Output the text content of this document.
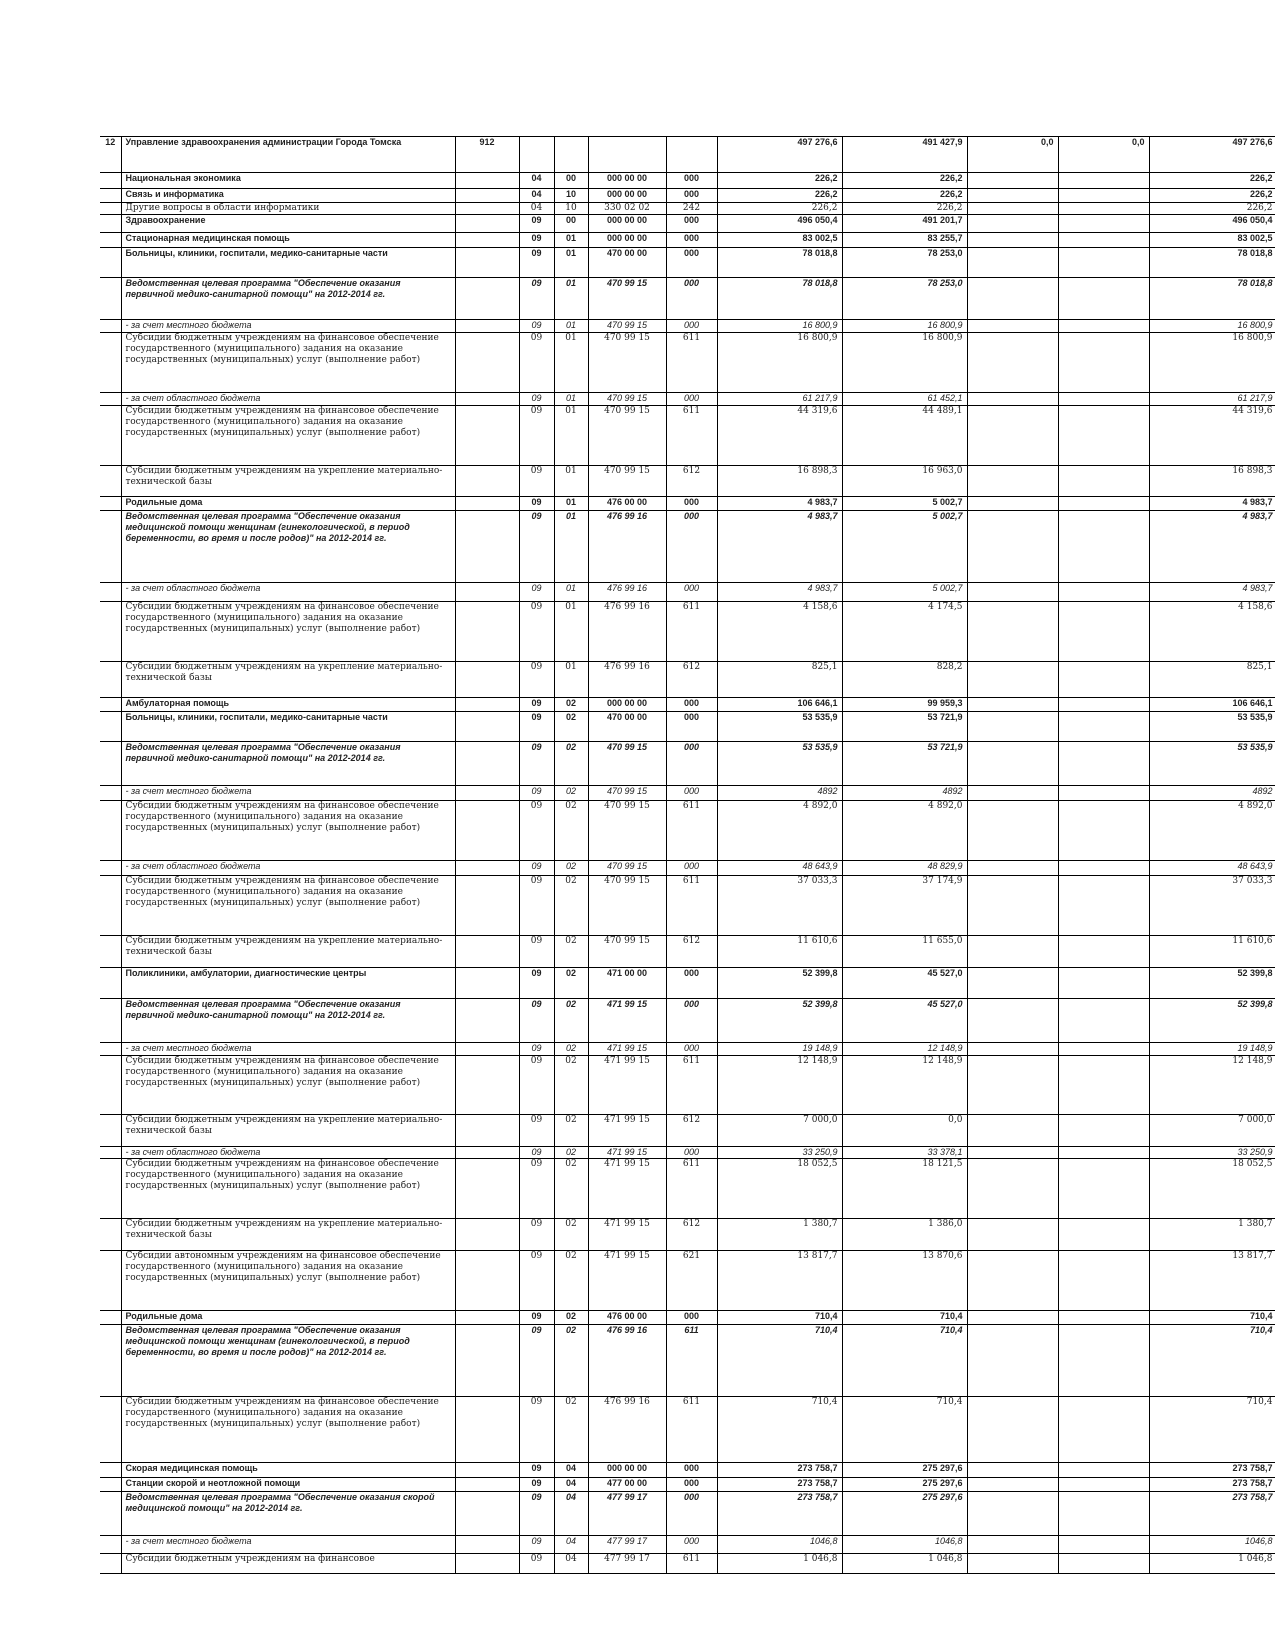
12	Управление здравоохранения администрации Города Томска	912					497 276,6	491 427,9	0,0	0,0	497 276,6
	Национальная экономика		04	00	000 00 00	000	226,2	226,2			226,2
	Связь и информатика		04	10	000 00 00	000	226,2	226,2			226,2
	Другие вопросы в области информатики		04	10	330 02 02	242	226,2	226,2			226,2
	Здравоохранение		09	00	000 00 00	000	496 050,4	491 201,7			496 050,4
	Стационарная медицинская помощь		09	01	000 00 00	000	83 002,5	83 255,7			83 002,5
	Больницы, клиники, госпитали, медико-санитарные части		09	01	470 00 00	000	78 018,8	78 253,0			78 018,8
	Ведомственная целевая программа "Обеспечение оказания первичной медико-санитарной помощи" на 2012-2014 гг.		09	01	470 99 15	000	78 018,8	78 253,0			78 018,8
	- за счет местного бюджета		09	01	470 99 15	000	16 800,9	16 800,9			16 800,9
	Субсидии бюджетным учреждениям на финансовое обеспечение государственного (муниципального) задания на оказание государственных (муниципальных) услуг (выполнение работ)		09	01	470 99 15	611	16 800,9	16 800,9			16 800,9
	- за счет областного бюджета		09	01	470 99 15	000	61 217,9	61 452,1			61 217,9
	Субсидии бюджетным учреждениям на финансовое обеспечение государственного (муниципального) задания на оказание государственных (муниципальных) услуг (выполнение работ)		09	01	470 99 15	611	44 319,6	44 489,1			44 319,6
	Субсидии бюджетным учреждениям на укрепление материально-технической базы		09	01	470 99 15	612	16 898,3	16 963,0			16 898,3
	Родильные дома		09	01	476 00 00	000	4 983,7	5 002,7			4 983,7
	Ведомственная целевая программа "Обеспечение оказания медицинской помощи женщинам (гинекологической, в период беременности, во время и после родов)" на 2012-2014 гг.		09	01	476 99 16	000	4 983,7	5 002,7			4 983,7
	- за счет областного бюджета		09	01	476 99 16	000	4 983,7	5 002,7			4 983,7
	Субсидии бюджетным учреждениям на финансовое обеспечение государственного (муниципального) задания на оказание государственных (муниципальных) услуг (выполнение работ)		09	01	476 99 16	611	4 158,6	4 174,5			4 158,6
	Субсидии бюджетным учреждениям на укрепление материально-технической базы		09	01	476 99 16	612	825,1	828,2			825,1
	Амбулаторная помощь		09	02	000 00 00	000	106 646,1	99 959,3			106 646,1
	Больницы, клиники, госпитали, медико-санитарные части		09	02	470 00 00	000	53 535,9	53 721,9			53 535,9
	Ведомственная целевая программа "Обеспечение оказания первичной медико-санитарной помощи" на 2012-2014 гг.		09	02	470 99 15	000	53 535,9	53 721,9			53 535,9
	- за счет местного бюджета		09	02	470 99 15	000	4892	4892			4892
	Субсидии бюджетным учреждениям на финансовое обеспечение государственного (муниципального) задания на оказание государственных (муниципальных) услуг (выполнение работ)		09	02	470 99 15	611	4 892,0	4 892,0			4 892,0
	- за счет областного бюджета		09	02	470 99 15	000	48 643,9	48 829,9			48 643,9
	Субсидии бюджетным учреждениям на финансовое обеспечение государственного (муниципального) задания на оказание государственных (муниципальных) услуг (выполнение работ)		09	02	470 99 15	611	37 033,3	37 174,9			37 033,3
	Субсидии бюджетным учреждениям на укрепление материально-технической базы		09	02	470 99 15	612	11 610,6	11 655,0			11 610,6
	Поликлиники, амбулатории, диагностические центры		09	02	471 00 00	000	52 399,8	45 527,0			52 399,8
	Ведомственная целевая программа "Обеспечение оказания первичной медико-санитарной помощи" на 2012-2014 гг.		09	02	471 99 15	000	52 399,8	45 527,0			52 399,8
	- за счет местного бюджета		09	02	471 99 15	000	19 148,9	12 148,9			19 148,9
	Субсидии бюджетным учреждениям на финансовое обеспечение государственного (муниципального) задания на оказание государственных (муниципальных) услуг (выполнение работ)		09	02	471 99 15	611	12 148,9	12 148,9			12 148,9
	Субсидии бюджетным учреждениям на укрепление материально-технической базы		09	02	471 99 15	612	7 000,0	0,0			7 000,0
	- за счет областного бюджета		09	02	471 99 15	000	33 250,9	33 378,1			33 250,9
	Субсидии бюджетным учреждениям на финансовое обеспечение государственного (муниципального) задания на оказание государственных (муниципальных) услуг (выполнение работ)		09	02	471 99 15	611	18 052,5	18 121,5			18 052,5
	Субсидии бюджетным учреждениям на укрепление материально-технической базы		09	02	471 99 15	612	1 380,7	1 386,0			1 380,7
	Субсидии автономным учреждениям на финансовое обеспечение государственного (муниципального) задания на оказание государственных (муниципальных) услуг (выполнение работ)		09	02	471 99 15	621	13 817,7	13 870,6			13 817,7
	Родильные дома		09	02	476 00 00	000	710,4	710,4			710,4
	Ведомственная целевая программа "Обеспечение оказания медицинской помощи женщинам (гинекологической, в период беременности, во время и после родов)" на 2012-2014 гг.		09	02	476 99 16	611	710,4	710,4			710,4
	Субсидии бюджетным учреждениям на финансовое обеспечение государственного (муниципального) задания на оказание государственных (муниципальных) услуг (выполнение работ)		09	02	476 99 16	611	710,4	710,4			710,4
	Скорая медицинская помощь		09	04	000 00 00	000	273 758,7	275 297,6			273 758,7
	Станции скорой и неотложной помощи		09	04	477 00 00	000	273 758,7	275 297,6			273 758,7
	Ведомственная целевая программа "Обеспечение оказания скорой медицинской помощи" на 2012-2014 гг.		09	04	477 99 17	000	273 758,7	275 297,6			273 758,7
	- за счет местного бюджета		09	04	477 99 17	000	1046,8	1046,8			1046,8
	Субсидии бюджетным учреждениям на финансовое		09	04	477 99 17	611	1 046,8	1 046,8			1 046,8
